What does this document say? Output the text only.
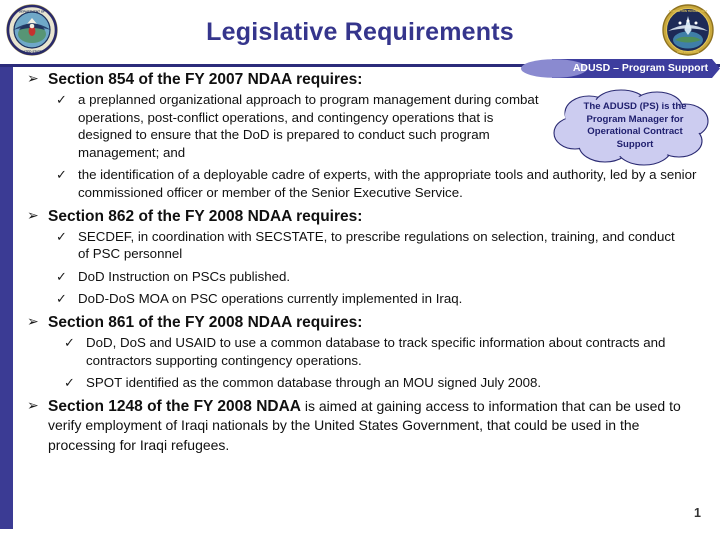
DEPARTMENT OF
UNITED STATES
Legislative Requirements
ACQUISITION TECHNOLOGY
AND LOGISTICS
ADUSD – Program Support
The ADUSD (PS) is the Program Manager for Operational Contract Support
➢ Section 854 of the FY 2007 NDAA requires:
✓ a preplanned organizational approach to program management during combat operations, post-conflict operations, and contingency operations that is designed to ensure that the DoD is prepared to conduct such program management; and
✓ the identification of a deployable cadre of experts, with the appropriate tools and authority, led by a senior commissioned officer or member of the Senior Executive Service.
➢ Section 862 of the FY 2008 NDAA requires:
✓ SECDEF, in coordination with SECSTATE, to prescribe regulations on selection, training, and conduct of PSC personnel
✓ DoD Instruction on PSCs published.
✓ DoD-DoS MOA on PSC operations currently implemented in Iraq.
➢ Section 861 of the FY 2008 NDAA requires:
✓ DoD, DoS and USAID to use a common database to track specific information about contracts and contractors supporting contingency operations.
✓ SPOT identified as the common database through an MOU signed July 2008.
➢ Section 1248 of the FY 2008 NDAA is aimed at gaining access to information that can be used to verify employment of Iraqi nationals by the United States Government, that could be used in the processing for Iraqi refugees.
1
